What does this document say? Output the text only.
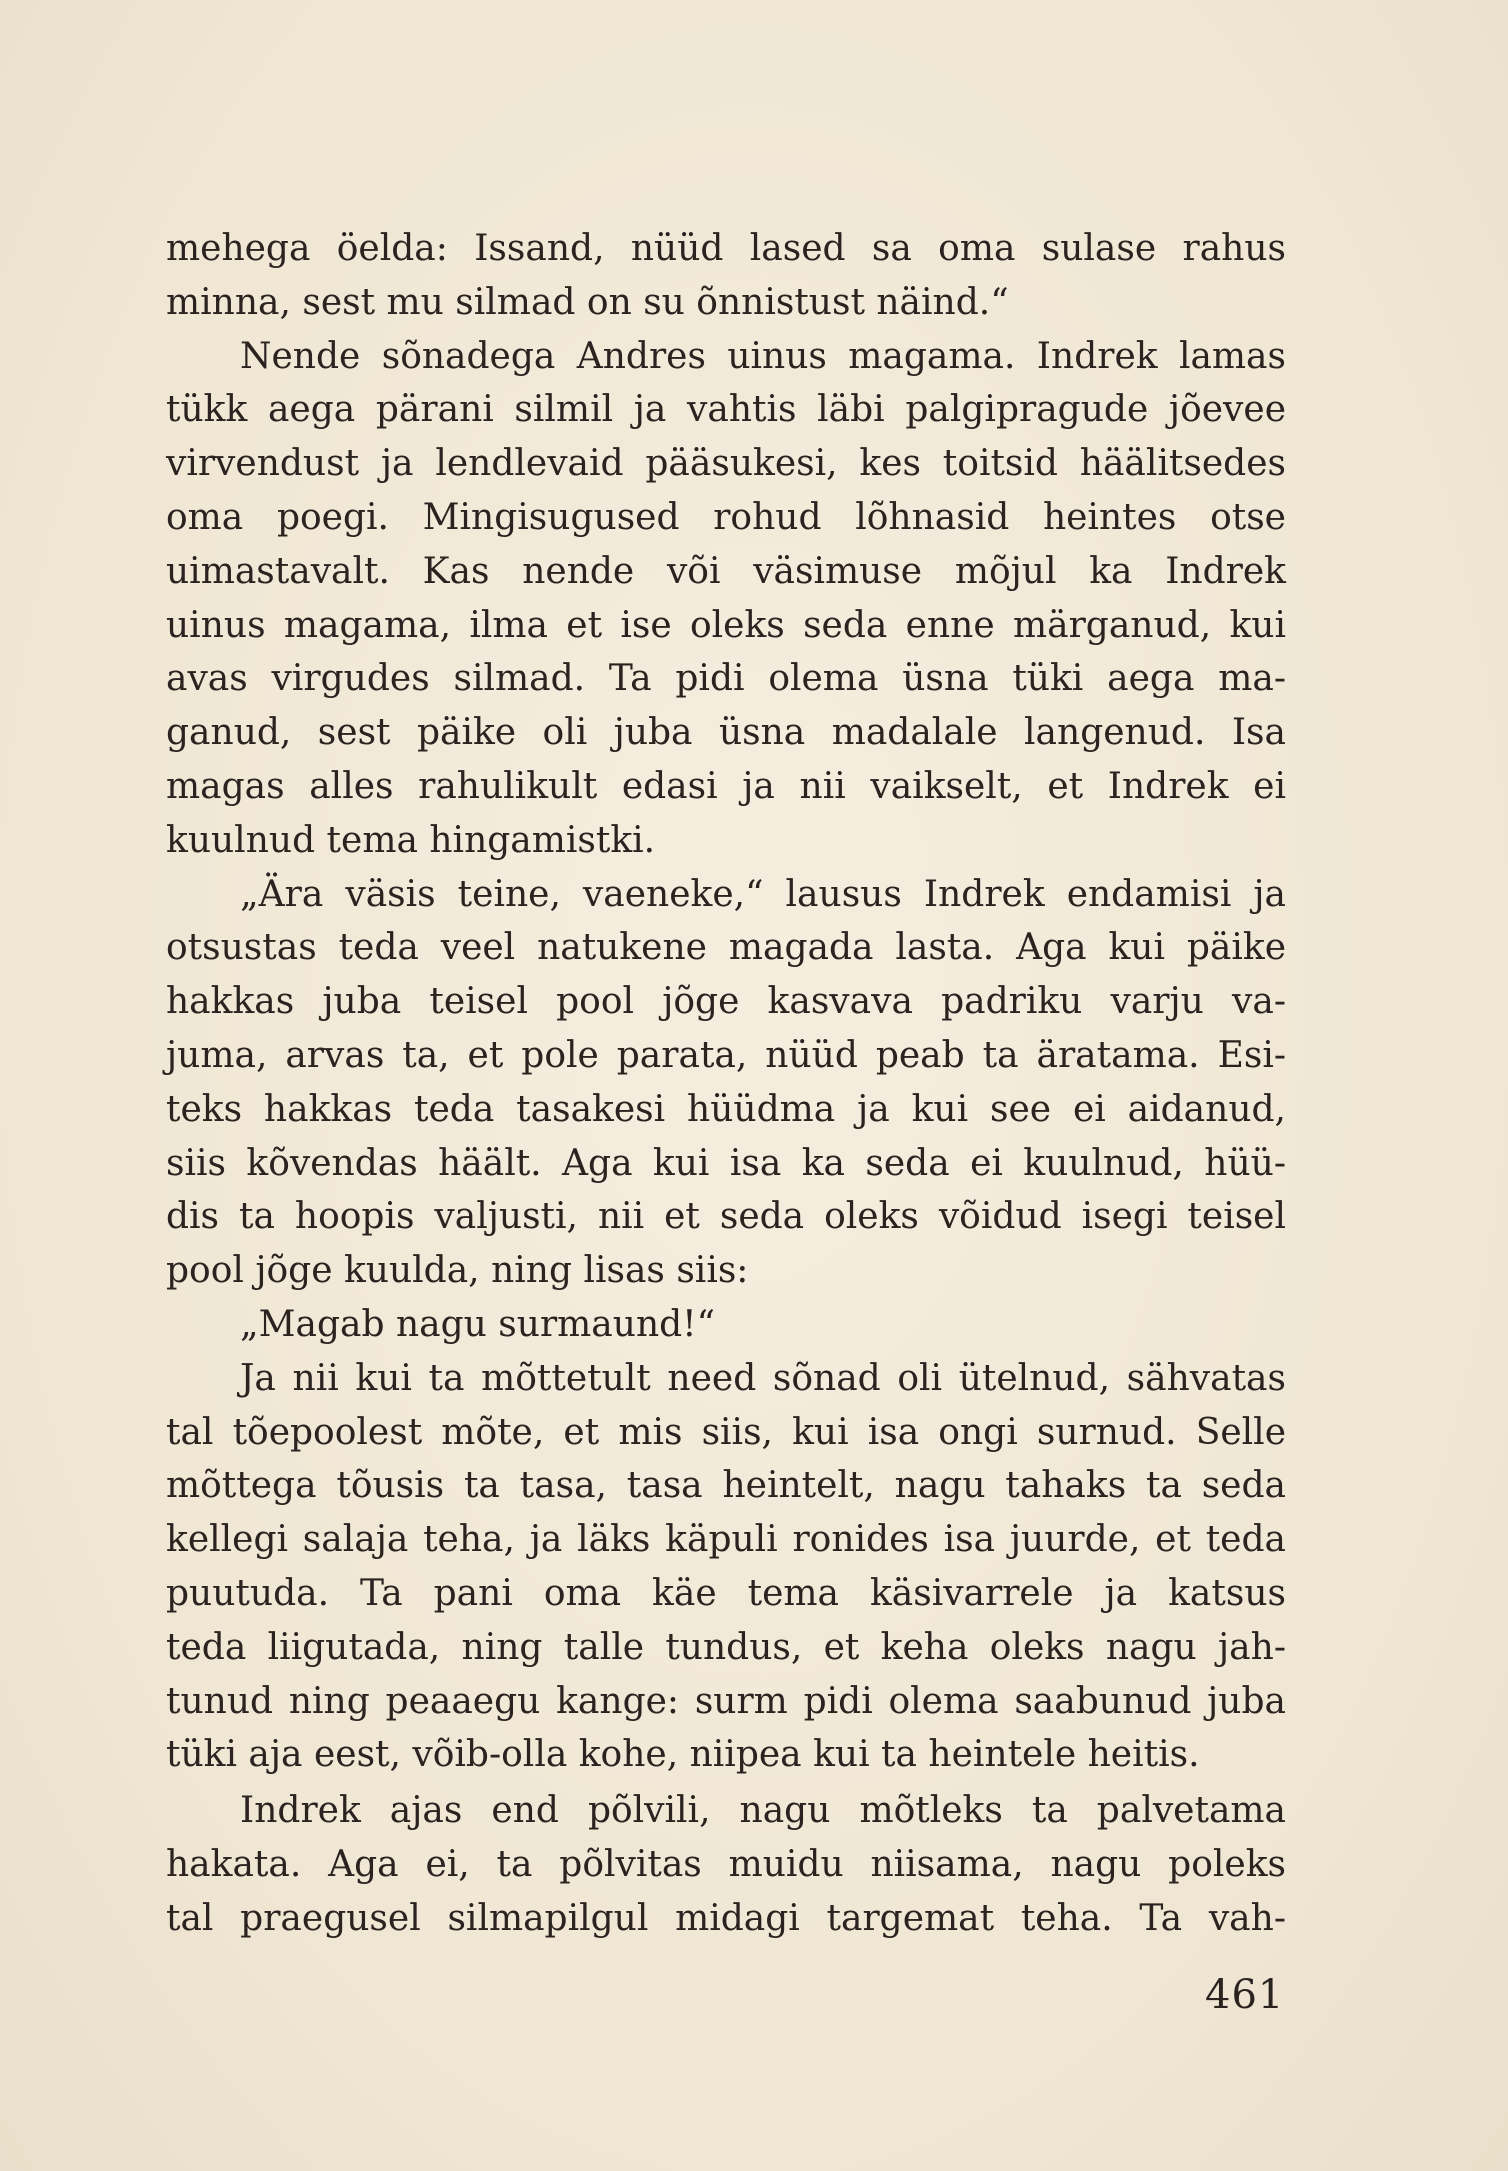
mehega öelda: Issand, nüüd lased sa oma sulase rahus
minna, sest mu silmad on su õnnistust näind.“
Nende sõnadega Andres uinus magama. Indrek lamas
tükk aega pärani silmil ja vahtis läbi palgipragude jõevee
virvendust ja lendlevaid pääsukesi, kes toitsid häälitsedes
oma poegi. Mingisugused rohud lõhnasid heintes otse
uimastavalt. Kas nende või väsimuse mõjul ka Indrek
uinus magama, ilma et ise oleks seda enne märganud, kui
avas virgudes silmad. Ta pidi olema üsna tüki aega ma-
ganud, sest päike oli juba üsna madalale langenud. Isa
magas alles rahulikult edasi ja nii vaikselt, et Indrek ei
kuulnud tema hingamistki.
„Ära väsis teine, vaeneke,“ lausus Indrek endamisi ja
otsustas teda veel natukene magada lasta. Aga kui päike
hakkas juba teisel pool jõge kasvava padriku varju va-
juma, arvas ta, et pole parata, nüüd peab ta äratama. Esi-
teks hakkas teda tasakesi hüüdma ja kui see ei aidanud,
siis kõvendas häält. Aga kui isa ka seda ei kuulnud, hüü-
dis ta hoopis valjusti, nii et seda oleks võidud isegi teisel
pool jõge kuulda, ning lisas siis:
„Magab nagu surmaund!“
Ja nii kui ta mõttetult need sõnad oli ütelnud, sähvatas
tal tõepoolest mõte, et mis siis, kui isa ongi surnud. Selle
mõttega tõusis ta tasa, tasa heintelt, nagu tahaks ta seda
kellegi salaja teha, ja läks käpuli ronides isa juurde, et teda
puutuda. Ta pani oma käe tema käsivarrele ja katsus
teda liigutada, ning talle tundus, et keha oleks nagu jah-
tunud ning peaaegu kange: surm pidi olema saabunud juba
tüki aja eest, võib-olla kohe, niipea kui ta heintele heitis.
Indrek ajas end põlvili, nagu mõtleks ta palvetama
hakata. Aga ei, ta põlvitas muidu niisama, nagu poleks
tal praegusel silmapilgul midagi targemat teha. Ta vah-
461
